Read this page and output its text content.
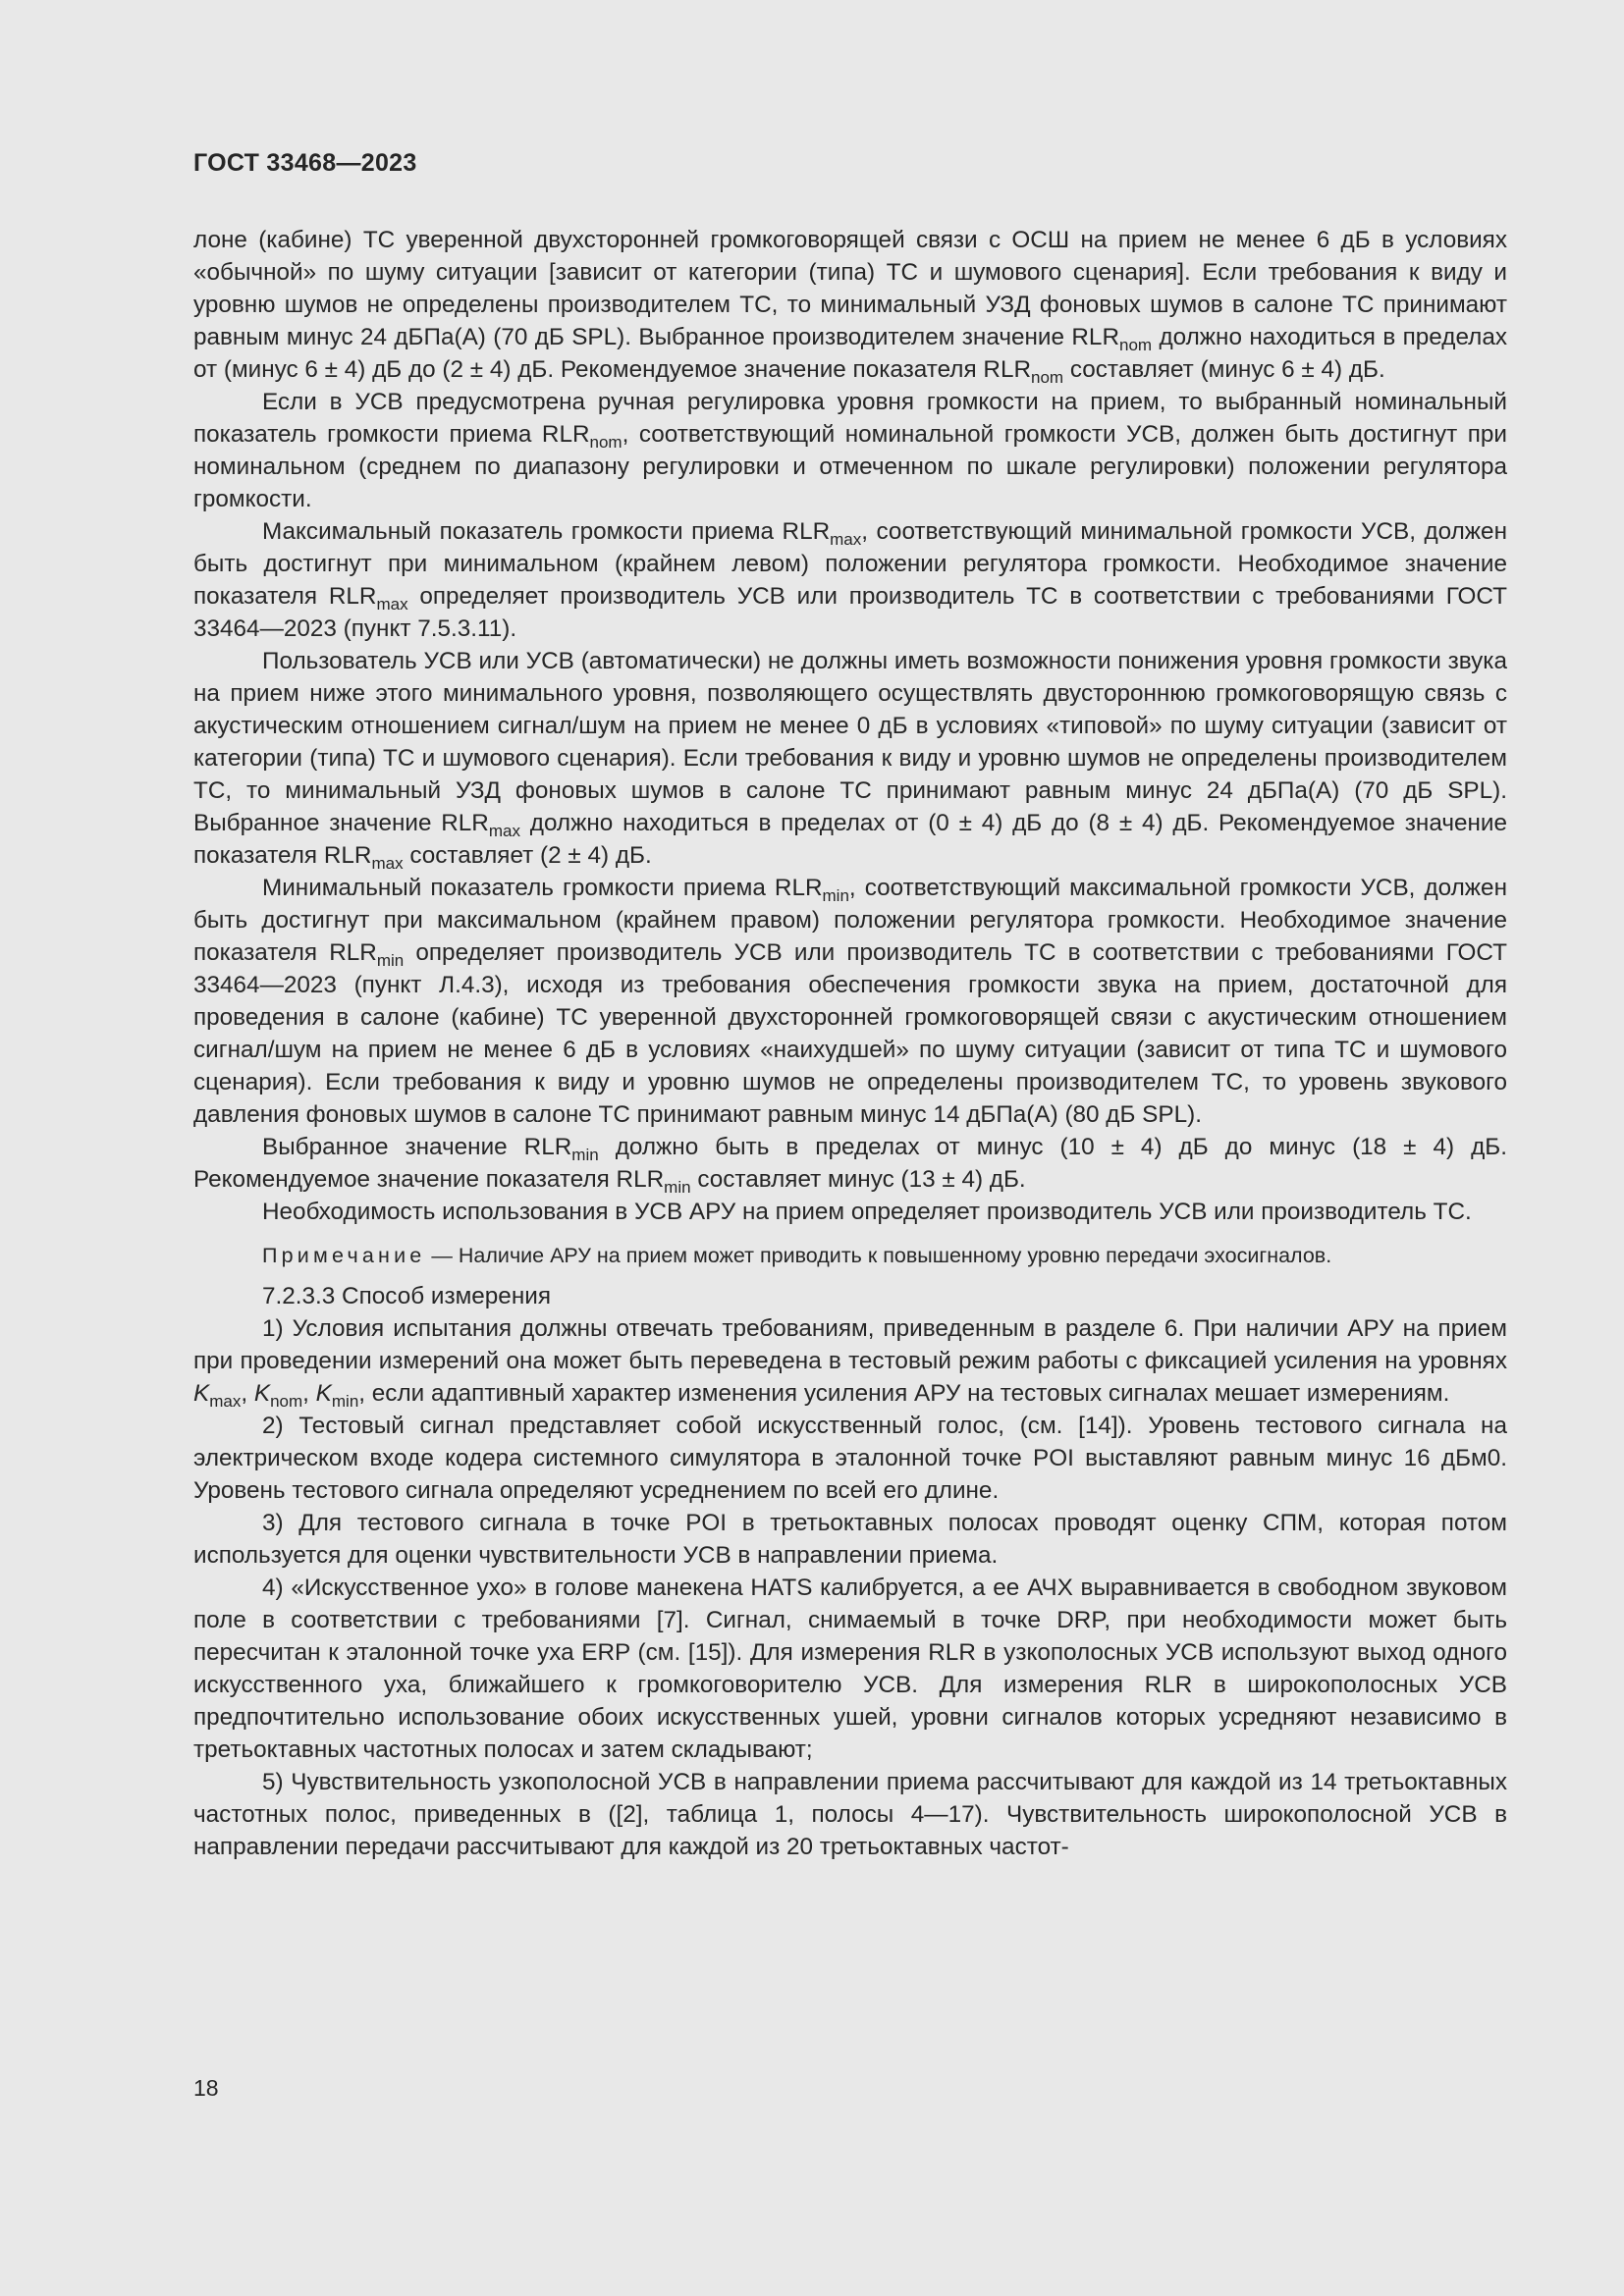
ГОСТ 33468—2023

лоне (кабине) ТС уверенной двухсторонней громкоговорящей связи с ОСШ на прием не менее 6 дБ в условиях «обычной» по шуму ситуации [зависит от категории (типа) ТС и шумового сценария]. Если требования к виду и уровню шумов не определены производителем ТС, то минимальный УЗД фоновых шумов в салоне ТС принимают равным минус 24 дБПа(А) (70 дБ SPL). Выбранное производителем значение $RLR_{nom}$ должно находиться в пределах от (минус 6 ± 4) дБ до (2 ± 4) дБ. Рекомендуемое значение показателя $RLR_{nom}$ составляет (минус 6 ± 4) дБ.

Если в УСВ предусмотрена ручная регулировка уровня громкости на прием, то выбранный номинальный показатель громкости приема $RLR_{nom}$, соответствующий номинальной громкости УСВ, должен быть достигнут при номинальном (среднем по диапазону регулировки и отмеченном по шкале регулировки) положении регулятора громкости.

Максимальный показатель громкости приема $RLR_{max}$, соответствующий минимальной громкости УСВ, должен быть достигнут при минимальном (крайнем левом) положении регулятора громкости. Необходимое значение показателя $RLR_{max}$ определяет производитель УСВ или производитель ТС в соответствии с требованиями ГОСТ 33464—2023 (пункт 7.5.3.11).

Пользователь УСВ или УСВ (автоматически) не должны иметь возможности понижения уровня громкости звука на прием ниже этого минимального уровня, позволяющего осуществлять двустороннюю громкоговорящую связь с акустическим отношением сигнал/шум на прием не менее 0 дБ в условиях «типовой» по шуму ситуации (зависит от категории (типа) ТС и шумового сценария). Если требования к виду и уровню шумов не определены производителем ТС, то минимальный УЗД фоновых шумов в салоне ТС принимают равным минус 24 дБПа(А) (70 дБ SPL). Выбранное значение $RLR_{max}$ должно находиться в пределах от (0 ± 4) дБ до (8 ± 4) дБ. Рекомендуемое значение показателя $RLR_{max}$ составляет (2 ± 4) дБ.

Минимальный показатель громкости приема $RLR_{min}$, соответствующий максимальной громкости УСВ, должен быть достигнут при максимальном (крайнем правом) положении регулятора громкости. Необходимое значение показателя $RLR_{min}$ определяет производитель УСВ или производитель ТС в соответствии с требованиями ГОСТ 33464—2023 (пункт Л.4.3), исходя из требования обеспечения громкости звука на прием, достаточной для проведения в салоне (кабине) ТС уверенной двухсторонней громкоговорящей связи с акустическим отношением сигнал/шум на прием не менее 6 дБ в условиях «наихудшей» по шуму ситуации (зависит от типа ТС и шумового сценария). Если требования к виду и уровню шумов не определены производителем ТС, то уровень звукового давления фоновых шумов в салоне ТС принимают равным минус 14 дБПа(А) (80 дБ SPL).

Выбранное значение $RLR_{min}$ должно быть в пределах от минус (10 ± 4) дБ до минус (18 ± 4) дБ. Рекомендуемое значение показателя $RLR_{min}$ составляет минус (13 ± 4) дБ.

Необходимость использования в УСВ АРУ на прием определяет производитель УСВ или производитель ТС.

Примечание — Наличие АРУ на прием может приводить к повышенному уровню передачи эхосигналов.

7.2.3.3 Способ измерения

1) Условия испытания должны отвечать требованиям, приведенным в разделе 6. При наличии АРУ на прием при проведении измерений она может быть переведена в тестовый режим работы с фиксацией усиления на уровнях $K_{max}$, $K_{nom}$, $K_{min}$, если адаптивный характер изменения усиления АРУ на тестовых сигналах мешает измерениям.

2) Тестовый сигнал представляет собой искусственный голос, (см. [14]). Уровень тестового сигнала на электрическом входе кодера системного симулятора в эталонной точке POI выставляют равным минус 16 дБм0. Уровень тестового сигнала определяют усреднением по всей его длине.

3) Для тестового сигнала в точке POI в третьоктавных полосах проводят оценку СПМ, которая потом используется для оценки чувствительности УСВ в направлении приема.

4) «Искусственное ухо» в голове манекена HATS калибруется, а ее АЧХ выравнивается в свободном звуковом поле в соответствии с требованиями [7]. Сигнал, снимаемый в точке DRP, при необходимости может быть пересчитан к эталонной точке уха ERP (см. [15]). Для измерения RLR в узкополосных УСВ используют выход одного искусственного уха, ближайшего к громкоговорителю УСВ. Для измерения RLR в широкополосных УСВ предпочтительно использование обоих искусственных ушей, уровни сигналов которых усредняют независимо в третьоктавных частотных полосах и затем складывают;

5) Чувствительность узкополосной УСВ в направлении приема рассчитывают для каждой из 14 третьоктавных частотных полос, приведенных в ([2], таблица 1, полосы 4—17). Чувствительность широкополосной УСВ в направлении передачи рассчитывают для каждой из 20 третьоктавных частот-

18
